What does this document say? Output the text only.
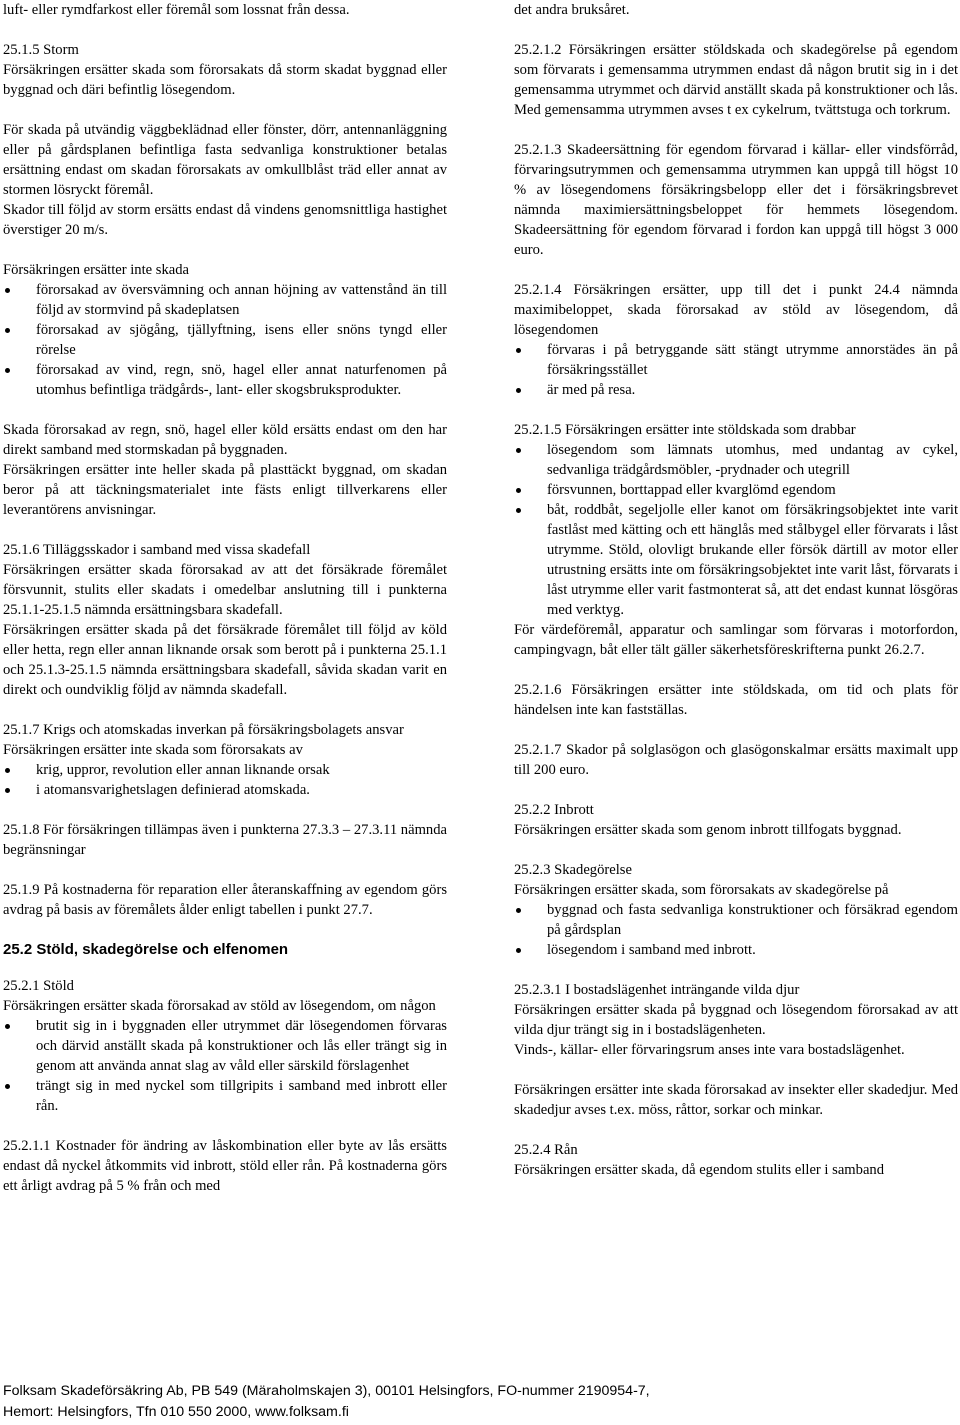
luft- eller rymdfarkost eller föremål som lossnat från dessa.

25.1.5 Storm
Försäkringen ersätter skada som förorsakats då storm skadat byggnad eller byggnad och däri befintlig lösegendom.

För skada på utvändig väggbeklädnad eller fönster, dörr, antennanläggning eller på gårdsplanen befintliga fasta sedvanliga konstruktioner betalas ersättning endast om skadan förorsakats av omkullblåst träd eller annat av stormen lösryckt föremål.

Skador till följd av storm ersätts endast då vindens genomsnittliga hastighet överstiger 20 m/s.

Försäkringen ersätter inte skada

förorsakad av översvämning och annan höjning av vattenstånd än till följd av stormvind på skadeplatsen
förorsakad av sjögång, tjällyftning, isens eller snöns tyngd eller rörelse
förorsakad av vind, regn, snö, hagel eller annat naturfenomen på utomhus befintliga trädgårds-, lant- eller skogsbruksprodukter.

Skada förorsakad av regn, snö, hagel eller köld ersätts endast om den har direkt samband med stormskadan på byggnaden.

Försäkringen ersätter inte heller skada på plasttäckt byggnad, om skadan beror på att täckningsmaterialet inte fästs enligt tillverkarens eller leverantörens anvisningar.

25.1.6 Tilläggsskador i samband med vissa skadefall
Försäkringen ersätter skada förorsakad av att det försäkrade föremålet försvunnit, stulits eller skadats i omedelbar anslutning till i punkterna 25.1.1-25.1.5 nämnda ersättningsbara skadefall.

Försäkringen ersätter skada på det försäkrade föremålet till följd av köld eller hetta, regn eller annan liknande orsak som berott på i punkterna 25.1.1 och 25.1.3-25.1.5 nämnda ersättningsbara skadefall, såvida skadan varit en direkt och oundviklig följd av nämnda skadefall.

25.1.7 Krigs och atomskadas inverkan på försäkringsbolagets ansvar
Försäkringen ersätter inte skada som förorsakats av

krig, uppror, revolution eller annan liknande orsak
i atomansvarighetslagen definierad atomskada.

25.1.8 För försäkringen tillämpas även i punkterna 27.3.3 – 27.3.11 nämnda begränsningar

25.1.9 På kostnaderna för reparation eller återanskaffning av egendom görs avdrag på basis av föremålets ålder enligt tabellen i punkt 27.7.

25.2 Stöld, skadegörelse och elfenomen

25.2.1 Stöld
Försäkringen ersätter skada förorsakad av stöld av lösegendom, om någon

brutit sig in i byggnaden eller utrymmet där lösegendomen förvaras och därvid anställt skada på konstruktioner och lås eller trängt sig in genom att använda annat slag av våld eller särskild förslagenhet
trängt sig in med nyckel som tillgripits i samband med inbrott eller rån.

25.2.1.1 Kostnader för ändring av låskombination eller byte av lås ersätts endast då nyckel åtkommits vid inbrott, stöld eller rån. På kostnaderna görs ett årligt avdrag på 5 % från och med

det andra bruksåret.

25.2.1.2 Försäkringen ersätter stöldskada och skadegörelse på egendom som förvarats i gemensamma utrymmen endast då någon brutit sig in i det gemensamma utrymmet och därvid anställt skada på konstruktioner och lås. Med gemensamma utrymmen avses t ex cykelrum, tvättstuga och torkrum.

25.2.1.3 Skadeersättning för egendom förvarad i källar- eller vindsförråd, förvaringsutrymmen och gemensamma utrymmen kan uppgå till högst 10 % av lösegendomens försäkringsbelopp eller det i försäkringsbrevet nämnda maximiersättningsbeloppet för hemmets lösegendom. Skadeersättning för egendom förvarad i fordon kan uppgå till högst 3 000 euro.

25.2.1.4 Försäkringen ersätter, upp till det i punkt 24.4 nämnda maximibeloppet, skada förorsakad av stöld av lösegendom, då lösegendomen

förvaras i på betryggande sätt stängt utrymme annorstädes än på försäkringsstället
är med på resa.

25.2.1.5 Försäkringen ersätter inte stöldskada som drabbar

lösegendom som lämnats utomhus, med undantag av cykel, sedvanliga trädgårdsmöbler, -prydnader och utegrill
försvunnen, borttappad eller kvarglömd egendom
båt, roddbåt, segeljolle eller kanot om försäkringsobjektet inte varit fastlåst med kätting och ett hänglås med stålbygel eller förvarats i låst utrymme. Stöld, olovligt brukande eller försök därtill av motor eller utrustning ersätts inte om försäkringsobjektet inte varit låst, förvarats i låst utrymme eller varit fastmonterat så, att det endast kunnat lösgöras med verktyg.

För värdeföremål, apparatur och samlingar som förvaras i motorfordon, campingvagn, båt eller tält gäller säkerhetsföreskrifterna punkt 26.2.7.

25.2.1.6 Försäkringen ersätter inte stöldskada, om tid och plats för händelsen inte kan fastställas.

25.2.1.7 Skador på solglasögon och glasögonskalmar ersätts maximalt upp till 200 euro.

25.2.2 Inbrott
Försäkringen ersätter skada som genom inbrott tillfogats byggnad.

25.2.3 Skadegörelse
Försäkringen ersätter skada, som förorsakats av skadegörelse på

byggnad och fasta sedvanliga konstruktioner och försäkrad egendom på gårdsplan
lösegendom i samband med inbrott.

25.2.3.1 I bostadslägenhet inträngande vilda djur
Försäkringen ersätter skada på byggnad och lösegendom förorsakad av att vilda djur trängt sig in i bostadslägenheten.

Vinds-, källar- eller förvaringsrum anses inte vara bostadslägenhet.

Försäkringen ersätter inte skada förorsakad av insekter eller skadedjur. Med skadedjur avses t.ex. möss, råttor, sorkar och minkar.

25.2.4 Rån
Försäkringen ersätter skada, då egendom stulits eller i samband

Folksam Skadeförsäkring Ab, PB 549 (Märaholmskajen 3), 00101 Helsingfors, FO-nummer 2190954-7,
Hemort: Helsingfors, Tfn 010 550 2000, www.folksam.fi
